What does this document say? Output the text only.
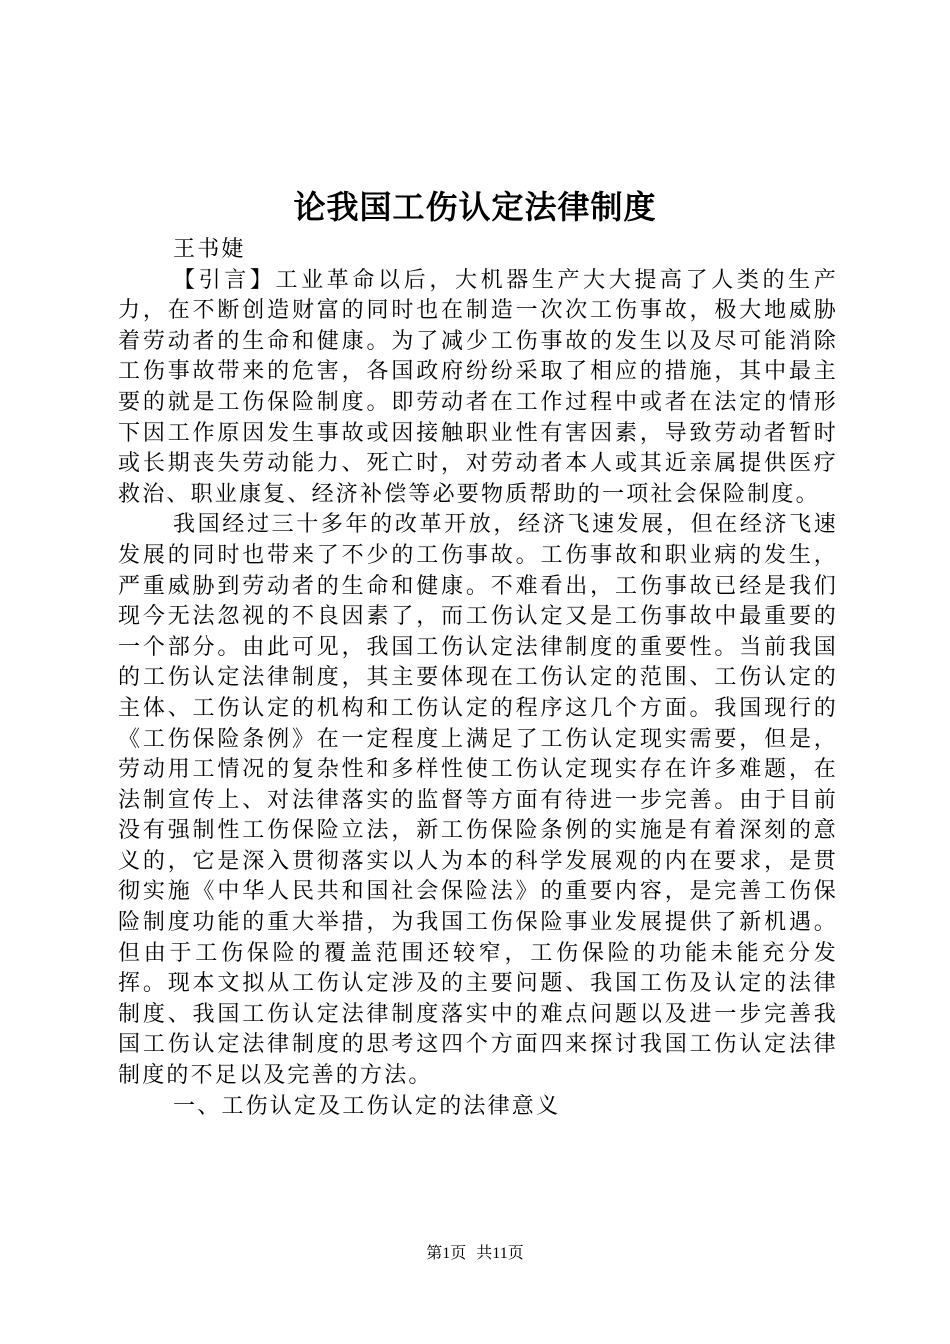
论我国工伤认定法律制度

王书婕

【引言】工业革命以后，大机器生产大大提高了人类的生产力，在不断创造财富的同时也在制造一次次工伤事故，极大地威胁着劳动者的生命和健康。为了减少工伤事故的发生以及尽可能消除工伤事故带来的危害，各国政府纷纷采取了相应的措施，其中最主要的就是工伤保险制度。即劳动者在工作过程中或者在法定的情形下因工作原因发生事故或因接触职业性有害因素，导致劳动者暂时或长期丧失劳动能力、死亡时，对劳动者本人或其近亲属提供医疗救治、职业康复、经济补偿等必要物质帮助的一项社会保险制度。

我国经过三十多年的改革开放，经济飞速发展，但在经济飞速发展的同时也带来了不少的工伤事故。工伤事故和职业病的发生，严重威胁到劳动者的生命和健康。不难看出，工伤事故已经是我们现今无法忽视的不良因素了，而工伤认定又是工伤事故中最重要的一个部分。由此可见，我国工伤认定法律制度的重要性。当前我国的工伤认定法律制度，其主要体现在工伤认定的范围、工伤认定的主体、工伤认定的机构和工伤认定的程序这几个方面。我国现行的《工伤保险条例》在一定程度上满足了工伤认定现实需要，但是，劳动用工情况的复杂性和多样性使工伤认定现实存在许多难题，在法制宣传上、对法律落实的监督等方面有待进一步完善。由于目前没有强制性工伤保险立法，新工伤保险条例的实施是有着深刻的意义的，它是深入贯彻落实以人为本的科学发展观的内在要求，是贯彻实施《中华人民共和国社会保险法》的重要内容，是完善工伤保险制度功能的重大举措，为我国工伤保险事业发展提供了新机遇。但由于工伤保险的覆盖范围还较窄，工伤保险的功能未能充分发挥。现本文拟从工伤认定涉及的主要问题、我国工伤及认定的法律制度、我国工伤认定法律制度落实中的难点问题以及进一步完善我国工伤认定法律制度的思考这四个方面四来探讨我国工伤认定法律制度的不足以及完善的方法。

一、工伤认定及工伤认定的法律意义

第1页 共11页
